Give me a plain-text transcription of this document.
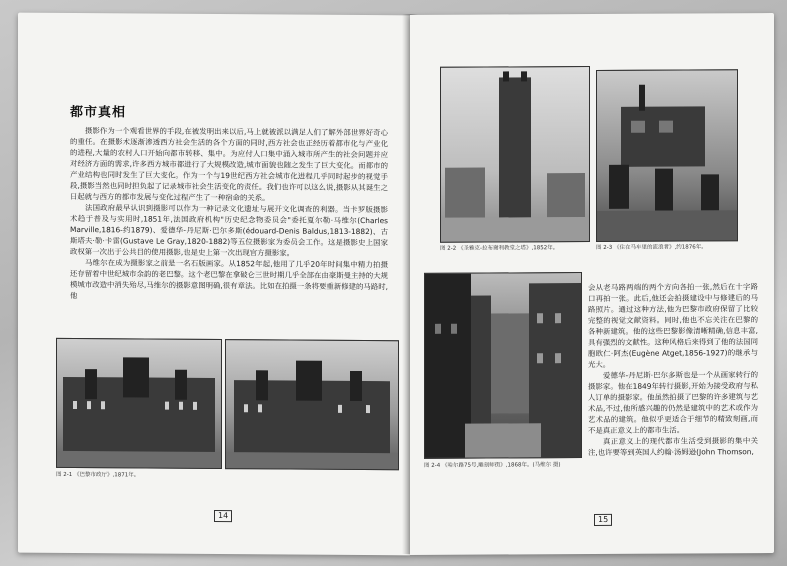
都市真相

摄影作为一个观看世界的手段,在被发明出来以后,马上就被派以满足人们了解外部世界好奇心的重任。在摄影术逐渐渗透西方社会生活的各个方面的同时,西方社会也正经历着都市化与产业化的进程,大量的农村人口开始向都市转移、集中。为应付人口集中涌入城市所产生的社会问题并应对经济方面的需求,许多西方城市都进行了大规模改造,城市面貌也随之发生了巨大变化。而都市的产业结构也同时发生了巨大变化。作为一个与19世纪西方社会城市化进程几乎同时起步的视觉手段,摄影当然也同时担负起了记录城市社会生活变化的责任。我们也许可以这么说,摄影从其诞生之日起就与西方的都市发展与变化过程产生了一种宿命的关系。

法国政府最早认识到摄影可以作为一种记录文化遗址与展开文化调查的利器。当卡罗版摄影术趋于普及与实用时,1851年,法国政府机构"历史纪念物委员会"委托夏尔勒·马维尔(Charles Marville,1816-约1879)、爱德华-丹尼斯·巴尔多斯(édouard-Denis Baldus,1813-1882)、古斯塔夫·勒·卡雷(Gustave Le Gray,1820-1882)等五位摄影家为委员会工作。这是摄影史上国家政权第一次出于公共目的使用摄影,也是史上第一次出现官方摄影家。

马维尔在成为摄影家之前是一名石版画家。从1852年起,他用了几乎20年时间集中精力拍摄还存留着中世纪城市余韵的老巴黎。这个老巴黎在拿破仑三世时期几乎全部在由豪斯曼主持的大规模城市改造中消失殆尽,马维尔的摄影意图明确,很有章法。比如在拍摄一条将要重新修建的马路时,他

图 2-1 《巴黎市政厅》,1871年。
14
图 2-2 《圣雅克-拉布谢利教堂之塔》,1852年。	图 2-3 《住在马车里的流浪者》,约1876年。
图 2-4 《哈尔路75号,雕刻师街》,1868年。(马维尔 摄)

会从老马路两端的两个方向各拍一张,然后在十字路口再拍一张。此后,他还会拍摄建设中与修建后的马路照片。通过这种方法,他为巴黎市政府保留了比较完整的视觉文献资料。同时,他也不忘关注在巴黎的各种新建筑。他的这些巴黎影像清晰精确,信息丰富,具有强烈的文献性。这种风格后来得到了他的法国同胞欧仁·阿杰(Eugène Atget,1856-1927)的继承与光大。

爱德华-丹尼斯·巴尔多斯也是一个从画家转行的摄影家。他在1849年转行摄影,开始为接受政府与私人订单的摄影家。他虽然拍摄了巴黎的许多建筑与艺术品,不过,他所感兴趣的仍然是建筑中的艺术或作为艺术品的建筑。他似乎更适合于细节的精致刻画,而不是真正意义上的都市生活。

真正意义上的现代都市生活受到摄影的集中关注,也许要等到英国人约翰·汤姆逊(John Thomson,

15
